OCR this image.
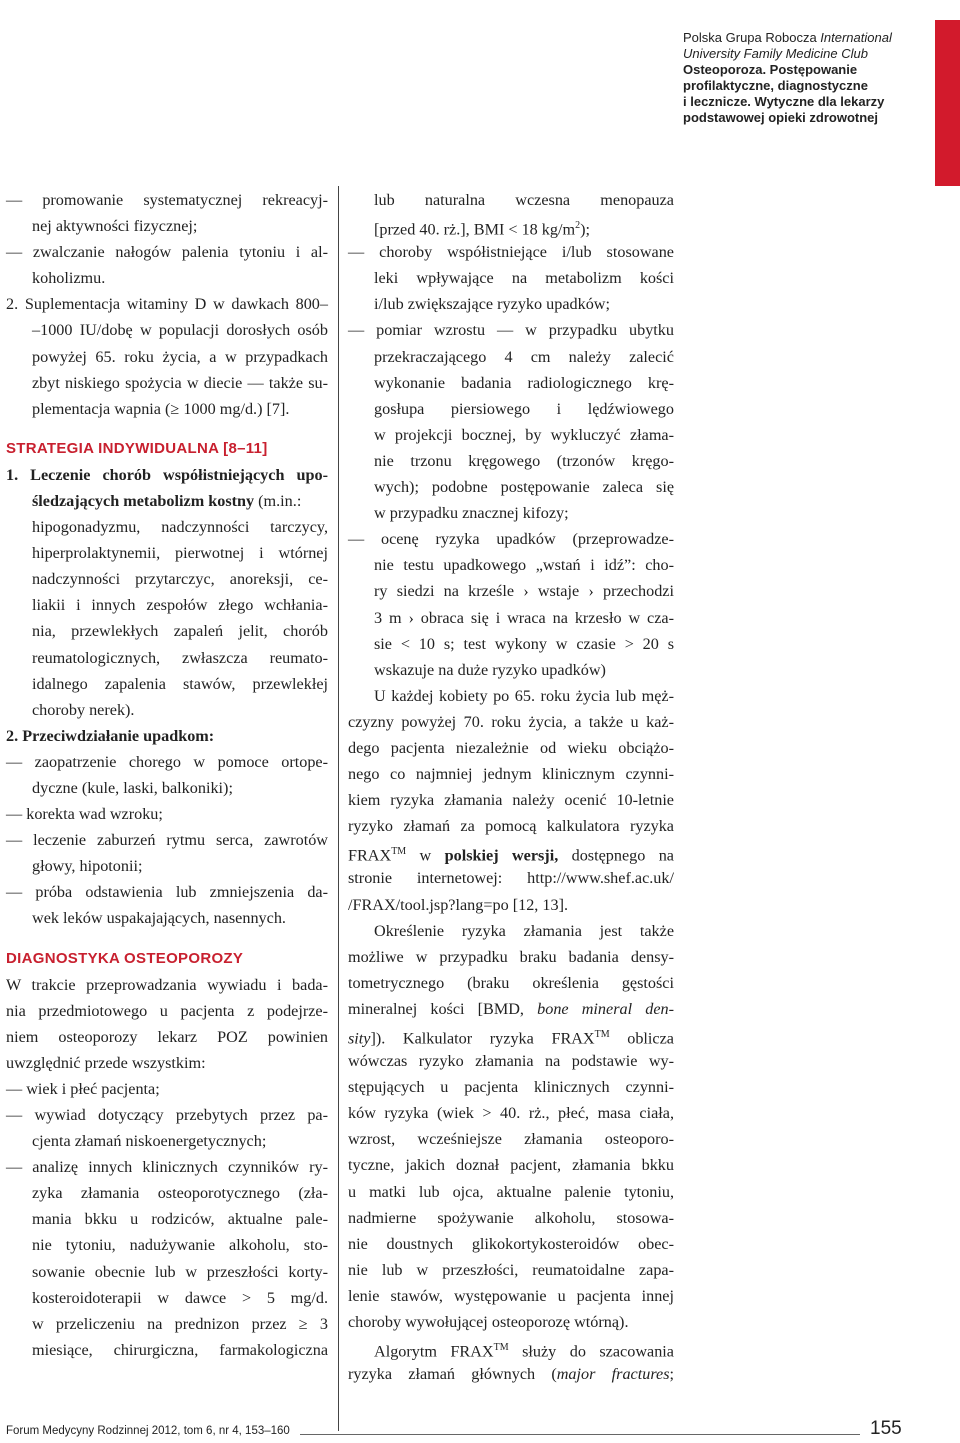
Polska Grupa Robocza International
University Family Medicine Club
Osteoporoza. Postępowanie
profilaktyczne, diagnostyczne
i lecznicze. Wytyczne dla lekarzy
podstawowej opieki zdrowotnej
— promowanie systematycznej rekreacyj-
nej aktywności fizycznej;
— zwalczanie nałogów palenia tytoniu i al-
koholizmu.
2. Suplementacja witaminy D w dawkach 800–
–1000 IU/dobę w populacji dorosłych osób
powyżej 65. roku życia, a w przypadkach
zbyt niskiego spożycia w diecie — także su-
plementacja wapnia (≥ 1000 mg/d.) [7].
STRATEGIA INDYWIDUALNA [8–11]
1. Leczenie chorób współistniejących upo-
śledzających metabolizm kostny (m.in.:
hipogonadyzmu, nadczynności tarczycy,
hiperprolaktynemii, pierwotnej i wtórnej
nadczynności przytarczyc, anoreksji, ce-
liakii i innych zespołów złego wchłania-
nia, przewlekłych zapaleń jelit, chorób
reumatologicznych, zwłaszcza reumato-
idalnego zapalenia stawów, przewlekłej
choroby nerek).
2. Przeciwdziałanie upadkom:
— zaopatrzenie chorego w pomoce ortope-
dyczne (kule, laski, balkoniki);
— korekta wad wzroku;
— leczenie zaburzeń rytmu serca, zawrotów
głowy, hipotonii;
— próba odstawienia lub zmniejszenia da-
wek leków uspakajających, nasennych.
DIAGNOSTYKA OSTEOPOROZY
W trakcie przeprowadzania wywiadu i bada-
nia przedmiotowego u pacjenta z podejrze-
niem osteoporozy lekarz POZ powinien
uwzględnić przede wszystkim:
— wiek i płeć pacjenta;
— wywiad dotyczący przebytych przez pa-
cjenta złamań niskoenergetycznych;
— analizę innych klinicznych czynników ry-
zyka złamania osteoporotycznego (zła-
mania bkku u rodziców, aktualne pale-
nie tytoniu, nadużywanie alkoholu, sto-
sowanie obecnie lub w przeszłości korty-
kosteroidoterapii w dawce > 5 mg/d.
w przeliczeniu na prednizon przez ≥ 3
miesiące, chirurgiczna, farmakologiczna
lub naturalna wczesna menopauza
[przed 40. rż.], BMI < 18 $kg/m^2$);
— choroby współistniejące i/lub stosowane
leki wpływające na metabolizm kości
i/lub zwiększające ryzyko upadków;
— pomiar wzrostu — w przypadku ubytku
przekraczającego 4 cm należy zalecić
wykonanie badania radiologicznego krę-
gosłupa piersiowego i lędźwiowego
w projekcji bocznej, by wykluczyć złama-
nie trzonu kręgowego (trzonów kręgo-
wych); podobne postępowanie zaleca się
w przypadku znacznej kifozy;
— ocenę ryzyka upadków (przeprowadze-
nie testu upadkowego „wstań i idź”: cho-
ry siedzi na krześle › wstaje › przechodzi
3 m › obraca się i wraca na krzesło w cza-
sie < 10 s; test wykony w czasie > 20 s
wskazuje na duże ryzyko upadków)
U każdej kobiety po 65. roku życia lub męż-
czyzny powyżej 70. roku życia, a także u każ-
dego pacjenta niezależnie od wieku obciążo-
nego co najmniej jednym klinicznym czynni-
kiem ryzyka złamania należy ocenić 10-letnie
ryzyko złamań za pomocą kalkulatora ryzyka
FRAX™ w polskiej wersji, dostępnego na
stronie internetowej: http://www.shef.ac.uk/
/FRAX/tool.jsp?lang=po [12, 13].
Określenie ryzyka złamania jest także
możliwe w przypadku braku badania densy-
tometrycznego (braku określenia gęstości
mineralnej kości [BMD, bone mineral den-
sity]). Kalkulator ryzyka FRAX™ oblicza
wówczas ryzyko złamania na podstawie wy-
stępujących u pacjenta klinicznych czynni-
ków ryzyka (wiek > 40. rż., płeć, masa ciała,
wzrost, wcześniejsze złamania osteoporo-
tyczne, jakich doznał pacjent, złamania bkku
u matki lub ojca, aktualne palenie tytoniu,
nadmierne spożywanie alkoholu, stosowa-
nie doustnych glikokortykosteroidów obec-
nie lub w przeszłości, reumatoidalne zapa-
lenie stawów, występowanie u pacjenta innej
choroby wywołującej osteoporozę wtórną).
Algorytm FRAX™ służy do szacowania
ryzyka złamań głównych (major fractures;
Forum Medycyny Rodzinnej 2012, tom 6, nr 4, 153–160	155
